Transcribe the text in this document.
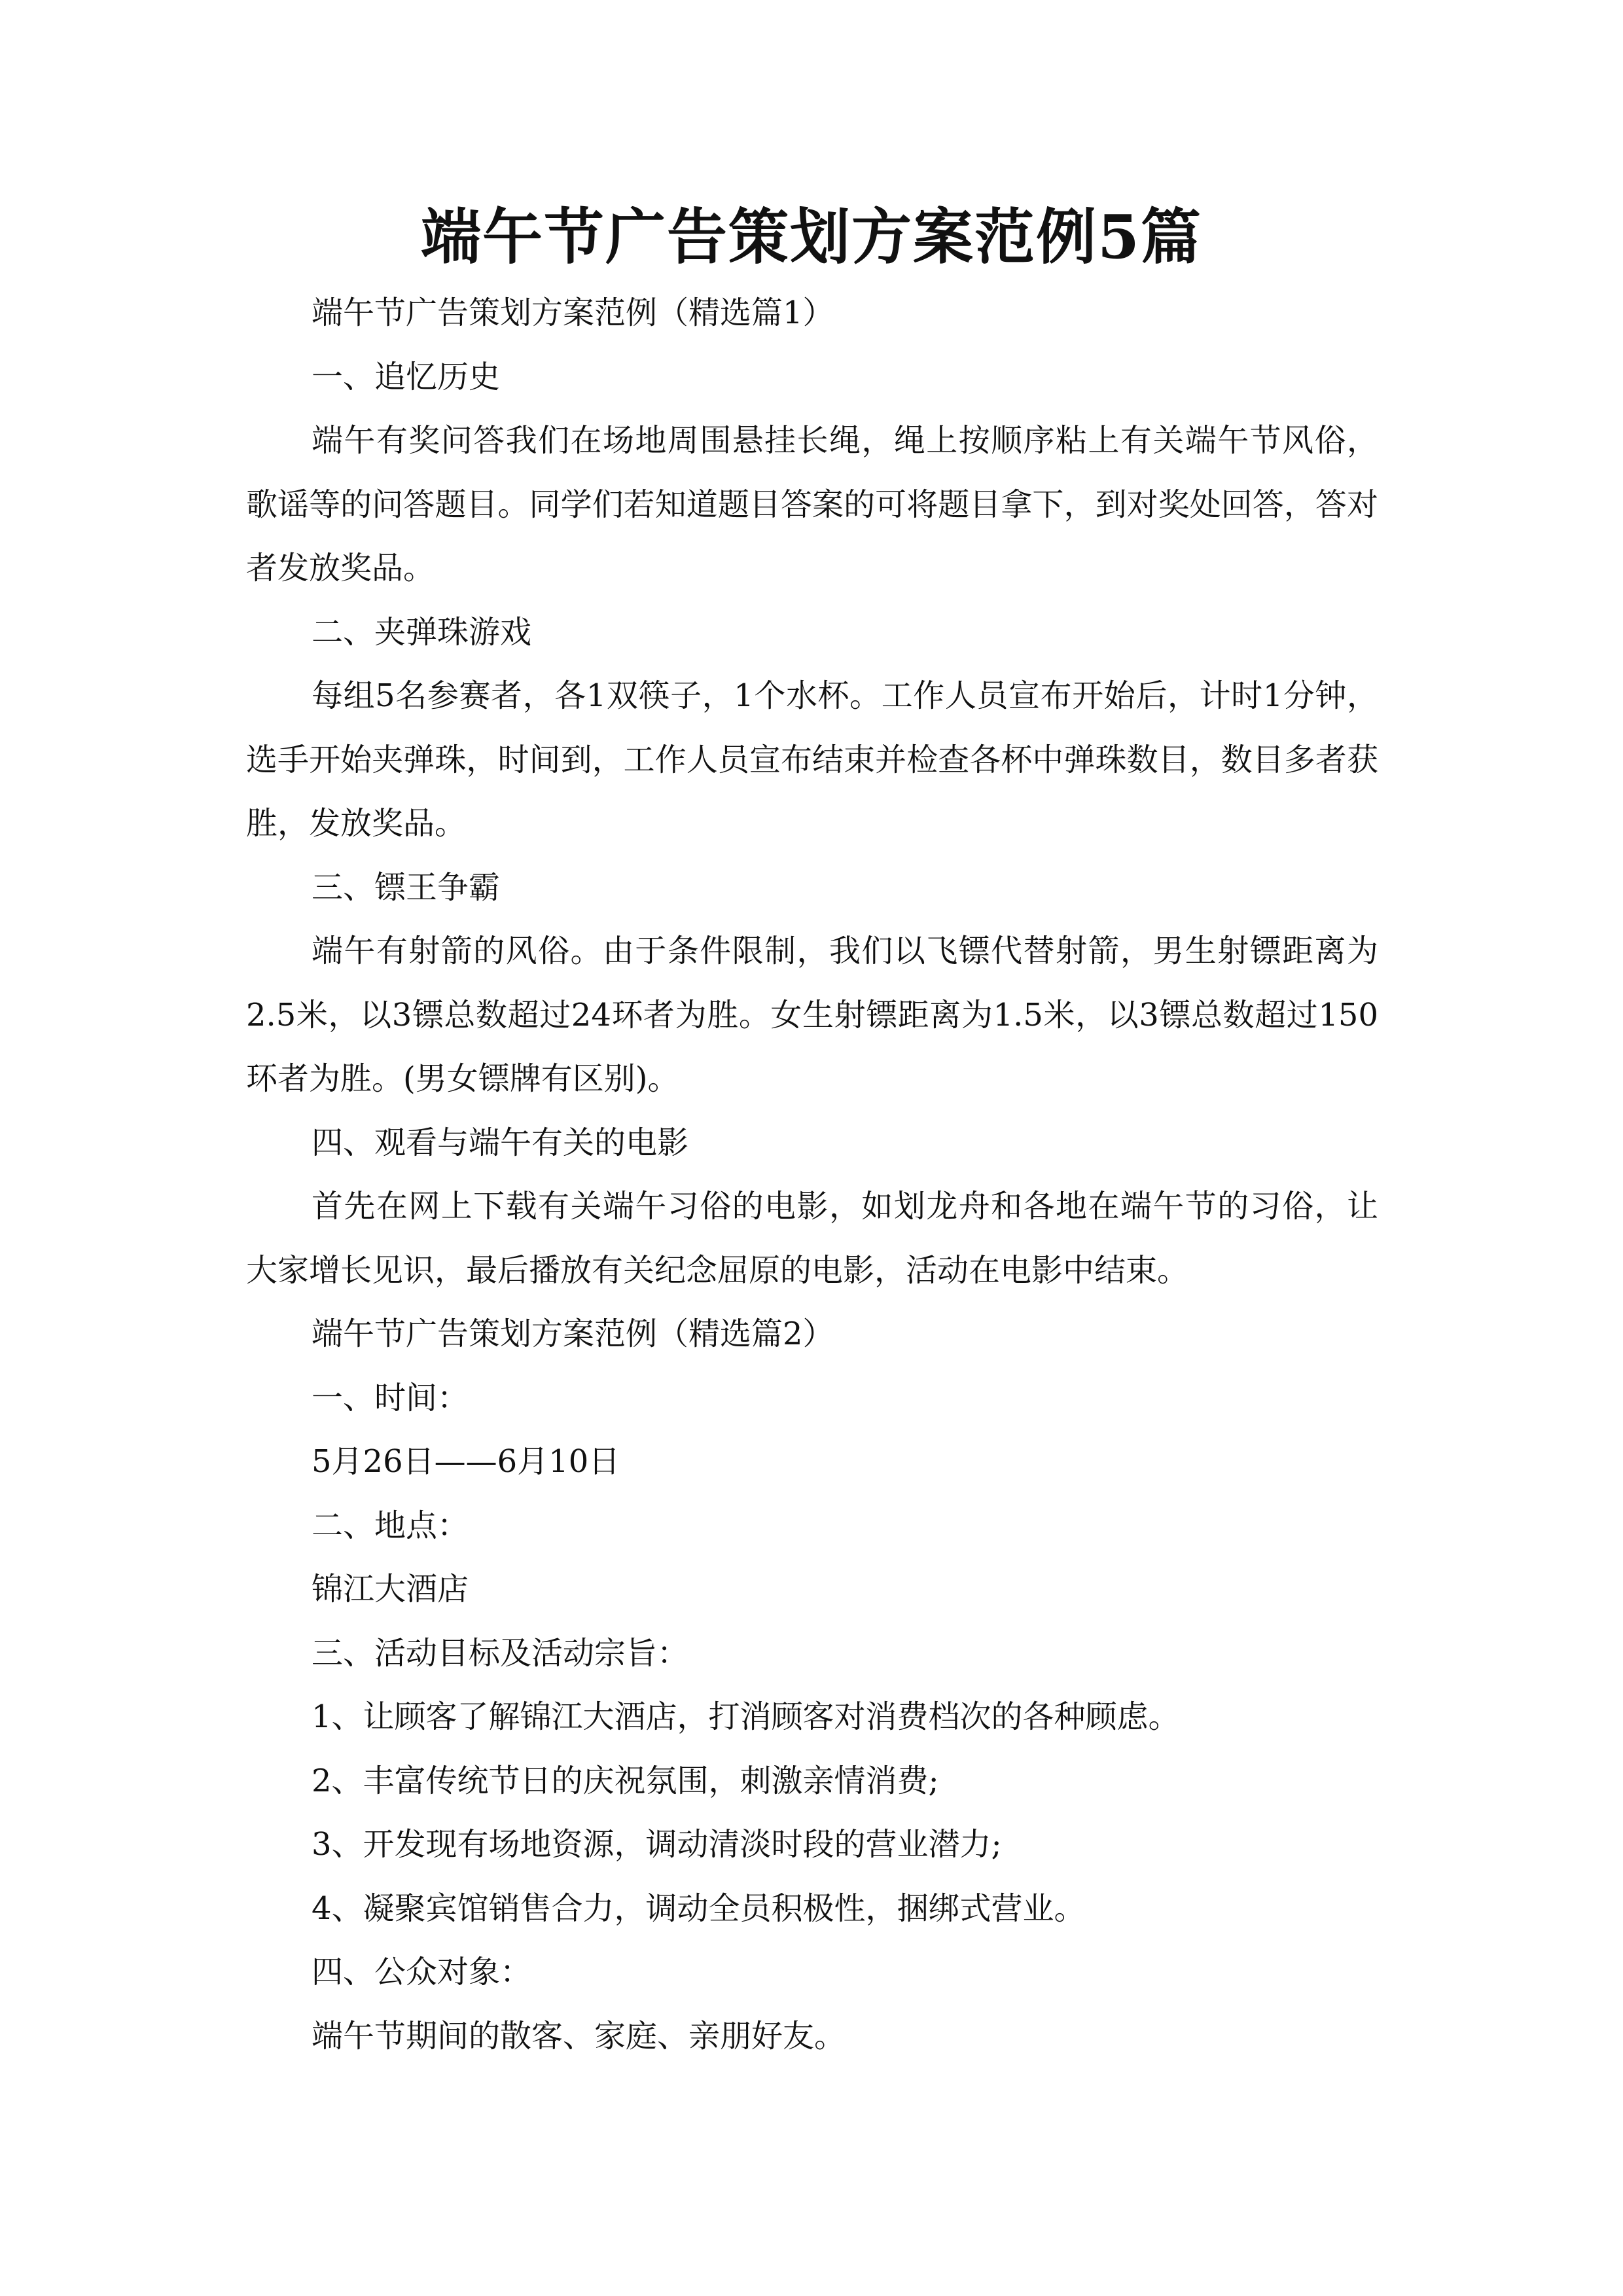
端午节广告策划方案范例5篇

端午节广告策划方案范例（精选篇1）

一、追忆历史

端午有奖问答我们在场地周围悬挂长绳，绳上按顺序粘上有关端午节风俗，歌谣等的问答题目。同学们若知道题目答案的可将题目拿下，到对奖处回答，答对者发放奖品。

二、夹弹珠游戏

每组5名参赛者，各1双筷子，1个水杯。工作人员宣布开始后，计时1分钟，选手开始夹弹珠，时间到，工作人员宣布结束并检查各杯中弹珠数目，数目多者获胜，发放奖品。

三、镖王争霸

端午有射箭的风俗。由于条件限制，我们以飞镖代替射箭，男生射镖距离为2.5米，以3镖总数超过24环者为胜。女生射镖距离为1.5米，以3镖总数超过150环者为胜。(男女镖牌有区别)。

四、观看与端午有关的电影

首先在网上下载有关端午习俗的电影，如划龙舟和各地在端午节的习俗，让大家增长见识，最后播放有关纪念屈原的电影，活动在电影中结束。

端午节广告策划方案范例（精选篇2）

一、时间：

5月26日——6月10日

二、地点：

锦江大酒店

三、活动目标及活动宗旨：

1、让顾客了解锦江大酒店，打消顾客对消费档次的各种顾虑。

2、丰富传统节日的庆祝氛围，刺激亲情消费;

3、开发现有场地资源，调动清淡时段的营业潜力;

4、凝聚宾馆销售合力，调动全员积极性，捆绑式营业。

四、公众对象：

端午节期间的散客、家庭、亲朋好友。
